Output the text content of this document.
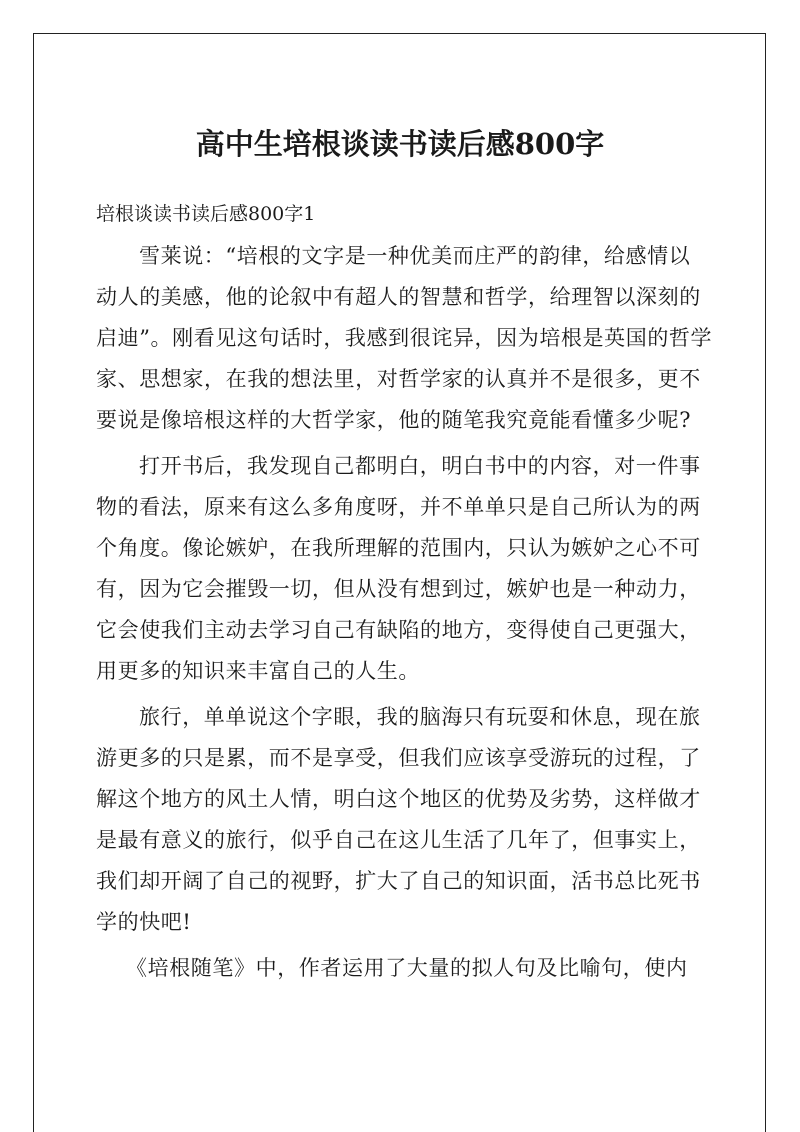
高中生培根谈读书读后感800字
培根谈读书读后感800字1
雪莱说：“培根的文字是一种优美而庄严的韵律，给感情以
动人的美感，他的论叙中有超人的智慧和哲学，给理智以深刻的
启迪”。刚看见这句话时，我感到很诧异，因为培根是英国的哲学
家、思想家，在我的想法里，对哲学家的认真并不是很多，更不
要说是像培根这样的大哲学家，他的随笔我究竟能看懂多少呢?
打开书后，我发现自己都明白，明白书中的内容，对一件事
物的看法，原来有这么多角度呀，并不单单只是自己所认为的两
个角度。像论嫉妒，在我所理解的范围内，只认为嫉妒之心不可
有，因为它会摧毁一切，但从没有想到过，嫉妒也是一种动力，
它会使我们主动去学习自己有缺陷的地方，变得使自己更强大，
用更多的知识来丰富自己的人生。
旅行，单单说这个字眼，我的脑海只有玩耍和休息，现在旅
游更多的只是累，而不是享受，但我们应该享受游玩的过程，了
解这个地方的风土人情，明白这个地区的优势及劣势，这样做才
是最有意义的旅行，似乎自己在这儿生活了几年了，但事实上，
我们却开阔了自己的视野，扩大了自己的知识面，活书总比死书
学的快吧!
《培根随笔》中，作者运用了大量的拟人句及比喻句，使内
